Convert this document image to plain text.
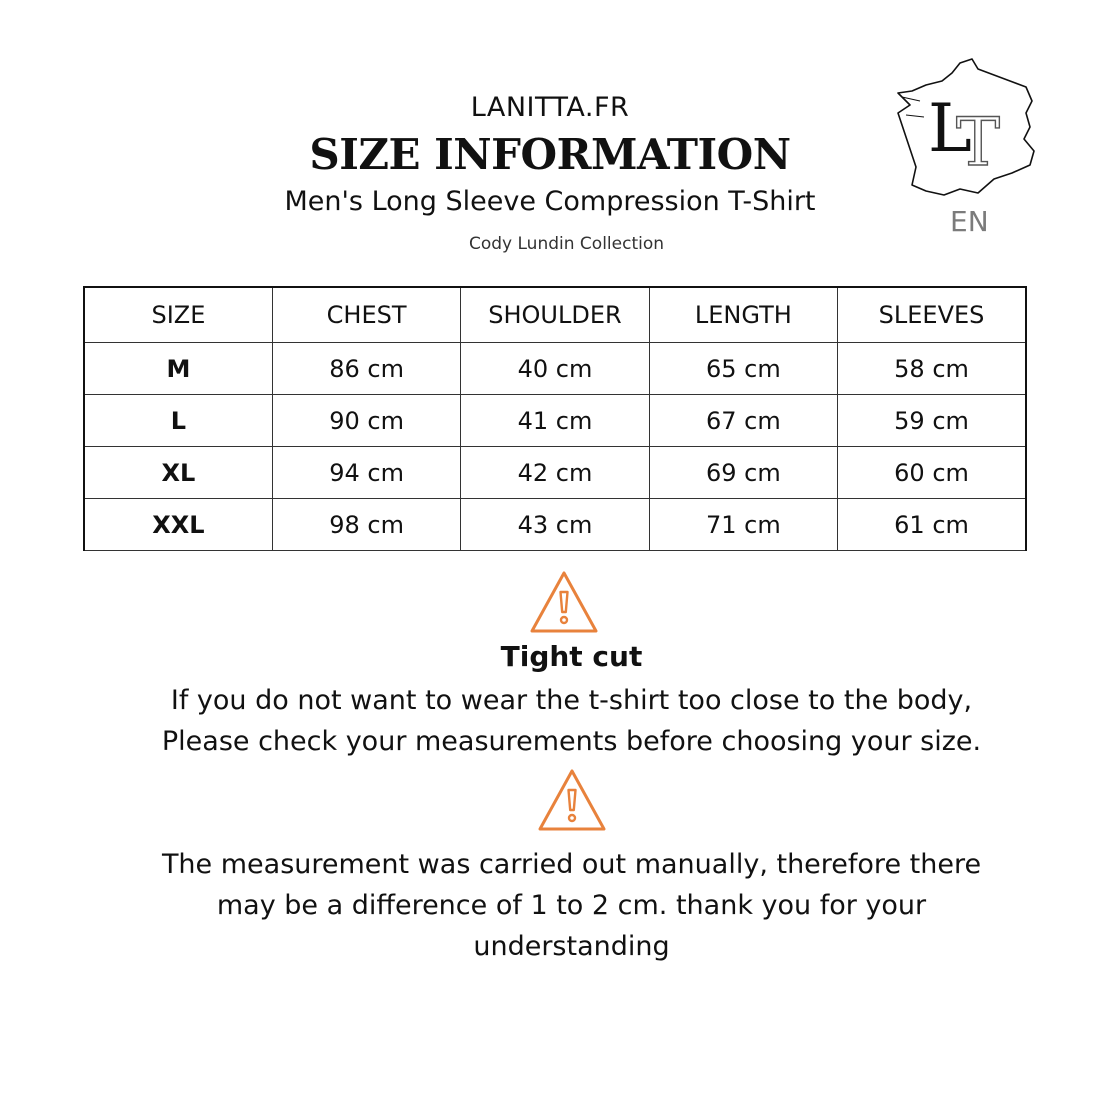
LANITTA.FR
SIZE INFORMATION
Men's Long Sleeve Compression T-Shirt
Cody Lundin Collection
L
T
EN
SIZE	CHEST	SHOULDER	LENGTH	SLEEVES
M	86 cm	40 cm	65 cm	58 cm
L	90 cm	41 cm	67 cm	59 cm
XL	94 cm	42 cm	69 cm	60 cm
XXL	98 cm	43 cm	71 cm	61 cm
Tight cut
If you do not want to wear the t-shirt too close to the body,
Please check your measurements before choosing your size.
The measurement was carried out manually, therefore there
may be a difference of 1 to 2 cm. thank you for your
understanding
